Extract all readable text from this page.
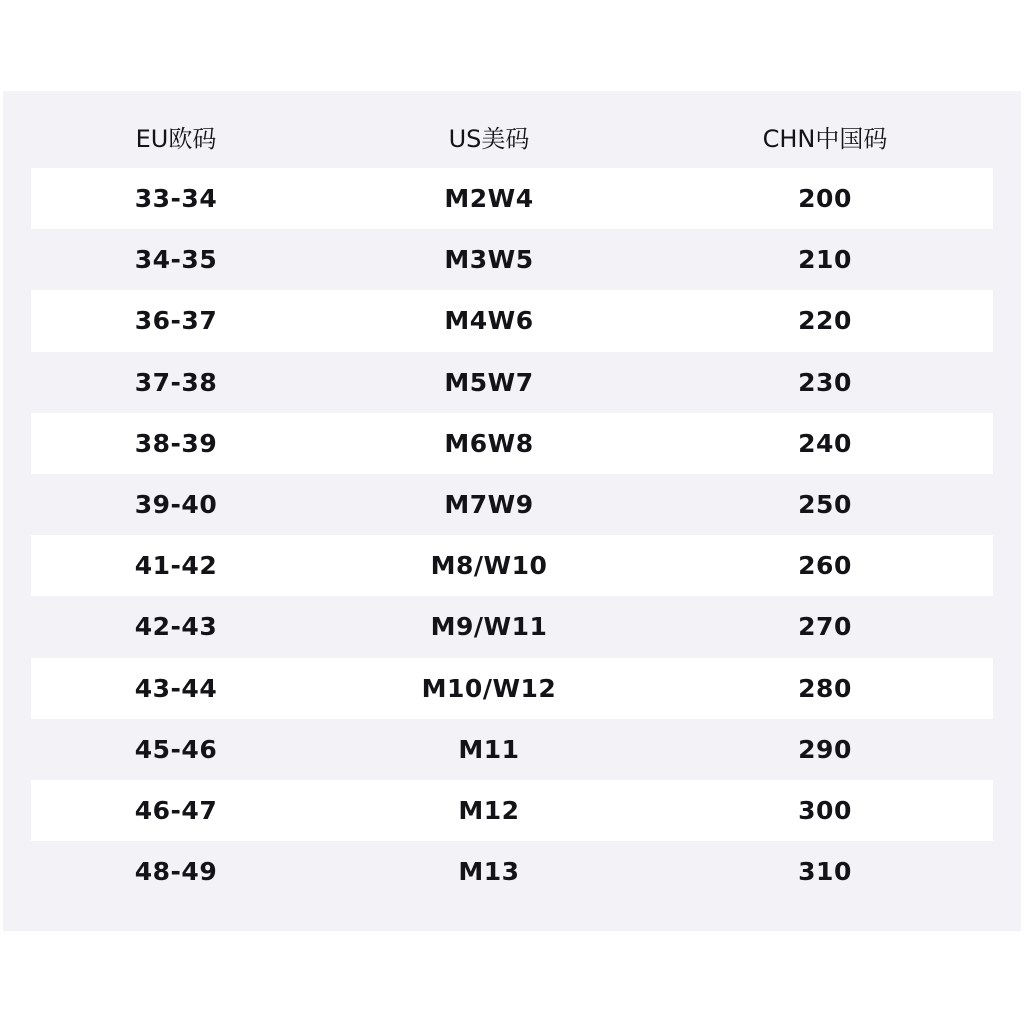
EU欧码	US美码	CHN中国码
33-34	M2W4	200
34-35	M3W5	210
36-37	M4W6	220
37-38	M5W7	230
38-39	M6W8	240
39-40	M7W9	250
41-42	M8/W10	260
42-43	M9/W11	270
43-44	M10/W12	280
45-46	M11	290
46-47	M12	300
48-49	M13	310
